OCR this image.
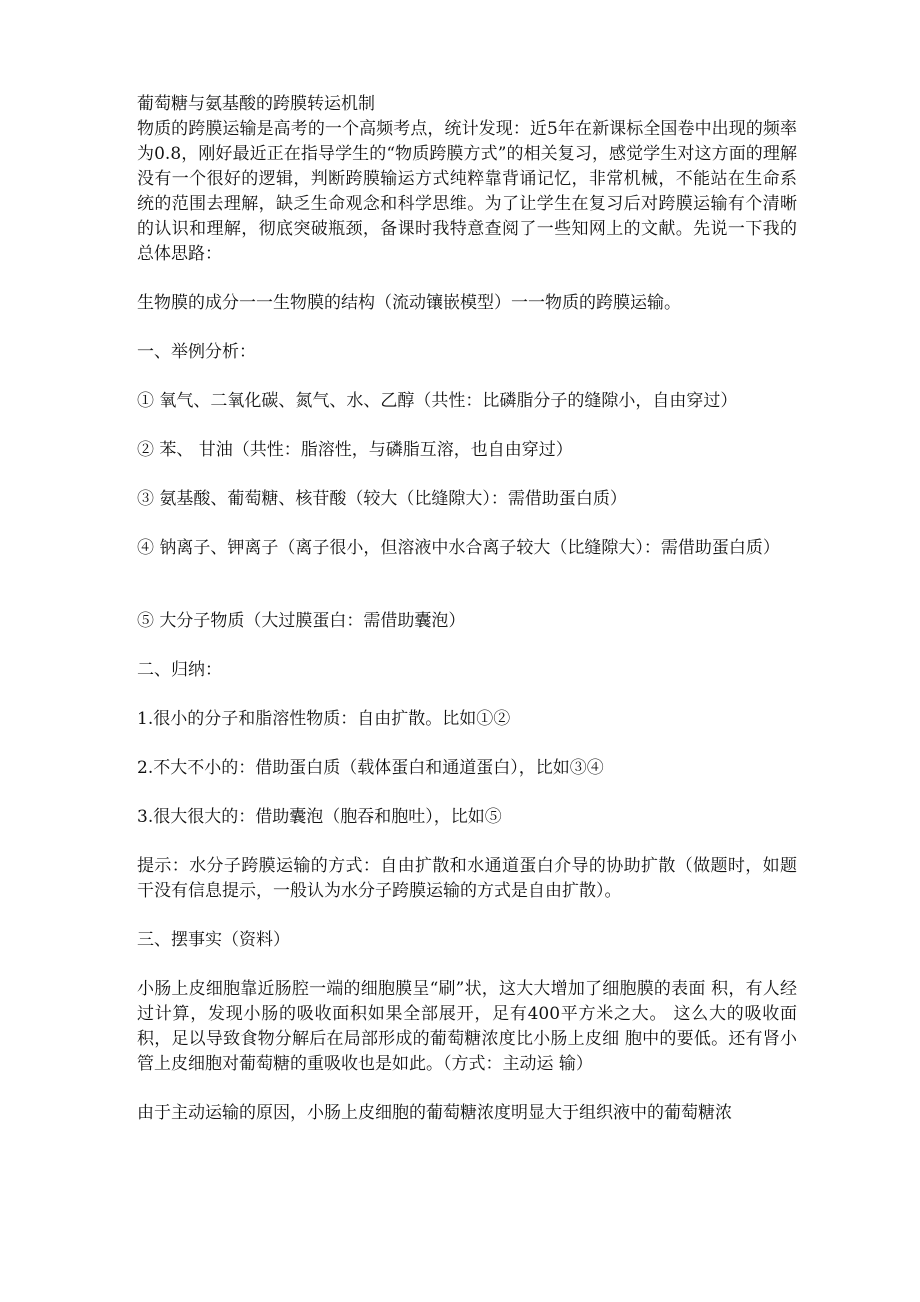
葡萄糖与氨基酸的跨膜转运机制

物质的跨膜运输是高考的一个高频考点，统计发现：近5年在新课标全国卷中出现的频率为0.8，刚好最近正在指导学生的“物质跨膜方式”的相关复习，感觉学生对这方面的理解没有一个很好的逻辑，判断跨膜输运方式纯粹靠背诵记忆，非常机械，不能站在生命系统的范围去理解，缺乏生命观念和科学思维。为了让学生在复习后对跨膜运输有个清晰的认识和理解，彻底突破瓶颈，备课时我特意查阅了一些知网上的文献。先说一下我的总体思路：

生物膜的成分一一生物膜的结构（流动镶嵌模型）一一物质的跨膜运输。

一、举例分析：

① 氧气、二氧化碳、氮气、水、乙醇（共性：比磷脂分子的缝隙小，自由穿过）

② 苯、 甘油（共性：脂溶性，与磷脂互溶，也自由穿过）

③ 氨基酸、葡萄糖、核苷酸（较大（比缝隙大）：需借助蛋白质）

④ 钠离子、钾离子（离子很小，但溶液中水合离子较大（比缝隙大）：需借助蛋白质）

⑤ 大分子物质（大过膜蛋白：需借助囊泡）

二、归纳：

1.很小的分子和脂溶性物质：自由扩散。比如①②

2.不大不小的：借助蛋白质（载体蛋白和通道蛋白），比如③④

3.很大很大的：借助囊泡（胞吞和胞吐），比如⑤

提示：水分子跨膜运输的方式：自由扩散和水通道蛋白介导的协助扩散（做题时，如题干没有信息提示，一般认为水分子跨膜运输的方式是自由扩散）。

三、摆事实（资料）

小肠上皮细胞靠近肠腔一端的细胞膜呈“刷”状，这大大增加了细胞膜的表面 积，有人经过计算，发现小肠的吸收面积如果全部展开，足有400平方米之大。 这么大的吸收面积，足以导致食物分解后在局部形成的葡萄糖浓度比小肠上皮细 胞中的要低。还有肾小管上皮细胞对葡萄糖的重吸收也是如此。（方式：主动运 输）

由于主动运输的原因，小肠上皮细胞的葡萄糖浓度明显大于组织液中的葡萄糖浓
